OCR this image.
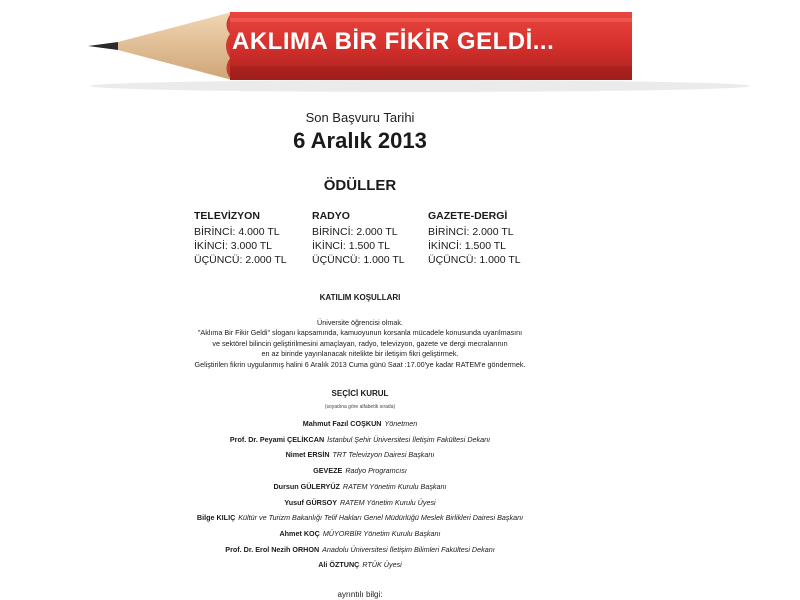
AKLIMA BİR FİKİR GELDİ...
Son Başvuru Tarihi
6 Aralık 2013
ÖDÜLLER
TELEVİZYON
BİRİNCİ: 4.000 TL
İKİNCİ: 3.000 TL
ÜÇÜNCÜ: 2.000 TL
RADYO
BİRİNCİ: 2.000 TL
İKİNCİ: 1.500 TL
ÜÇÜNCÜ: 1.000 TL
GAZETE-DERGİ
BİRİNCİ: 2.000 TL
İKİNCİ: 1.500 TL
ÜÇÜNCÜ: 1.000 TL
KATILIM KOŞULLARI
Üniversite öğrencisi olmak.
"Aklıma Bir Fikir Geldi" sloganı kapsamında, kamuoyunun korsanla mücadele konusunda uyarılmasını
ve sektörel bilincin geliştirilmesini amaçlayan, radyo, televizyon, gazete ve dergi mecralarının
en az birinde yayınlanacak nitelikte bir iletişim fikri geliştirmek.
Geliştirilen fikrin uygulanmış halini 6 Aralık 2013 Cuma günü Saat :17.00'ye kadar RATEM'e göndermek.
SEÇİCİ KURUL
(soyadına göre alfabetik sırada)
Mahmut Fazıl COŞKUN Yönetmen
Prof. Dr. Peyami ÇELİKCAN İstanbul Şehir Üniversitesi İletişim Fakültesi Dekanı
Nimet ERSİN TRT Televizyon Dairesi Başkanı
GEVEZE Radyo Programcısı
Dursun GÜLERYÜZ RATEM Yönetim Kurulu Başkanı
Yusuf GÜRSOY RATEM Yönetim Kurulu Üyesi
Bilge KILIÇ Kültür ve Turizm Bakanlığı Telif Hakları Genel Müdürlüğü Meslek Birlikleri Dairesi Başkanı
Ahmet KOÇ MÜYORBİR Yönetim Kurulu Başkanı
Prof. Dr. Erol Nezih ORHON Anadolu Üniversitesi İletişim Bilimleri Fakültesi Dekanı
Ali ÖZTUNÇ RTÜK Üyesi
ayrıntılı bilgi:
